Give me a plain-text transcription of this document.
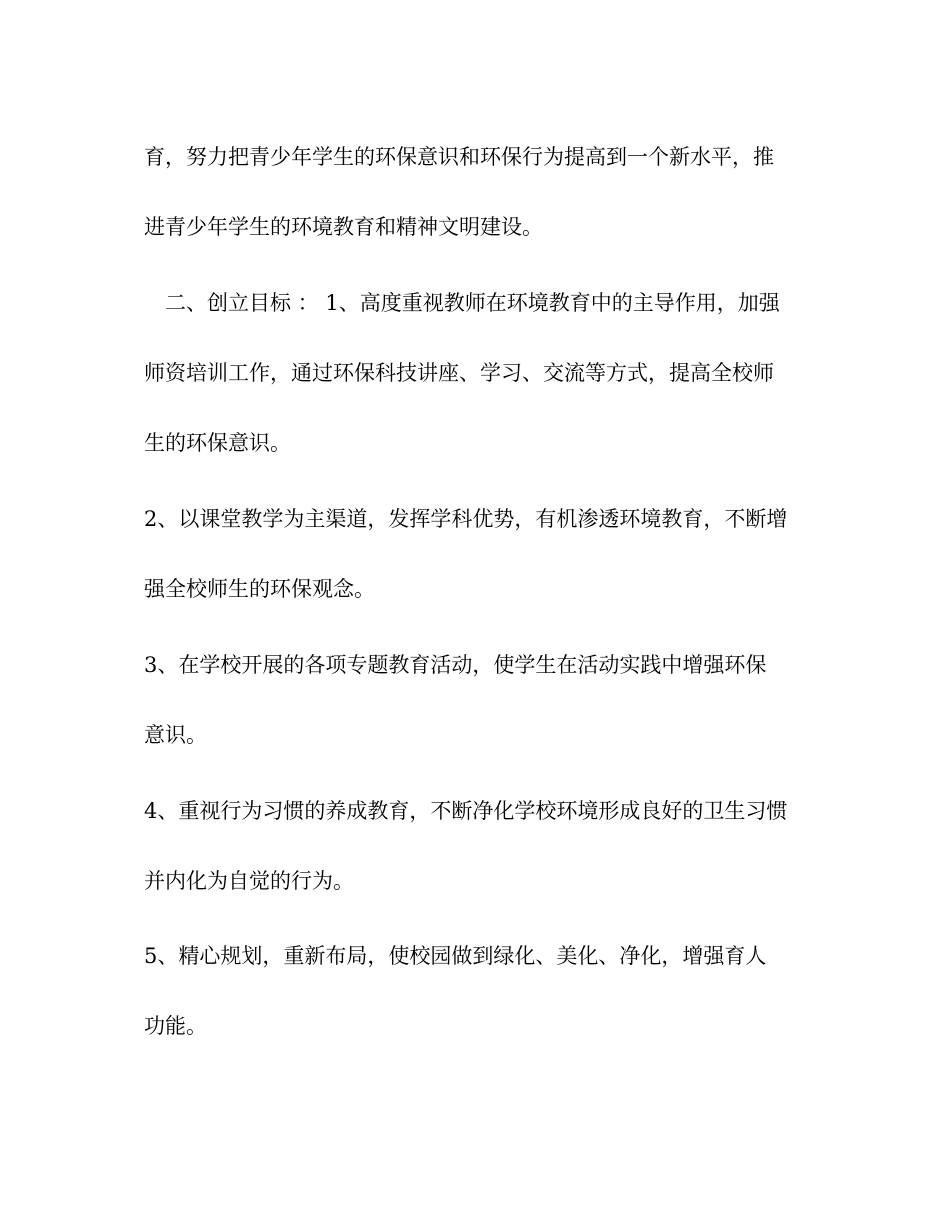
育，努力把青少年学生的环保意识和环保行为提高到一个新水平，推
进青少年学生的环境教育和精神文明建设。
　二、创立目标 ： 1、高度重视教师在环境教育中的主导作用，加强
师资培训工作，通过环保科技讲座、学习、交流等方式，提高全校师
生的环保意识。
2、以课堂教学为主渠道，发挥学科优势，有机渗透环境教育，不断增
强全校师生的环保观念。
3、在学校开展的各项专题教育活动，使学生在活动实践中增强环保
意识。
4、重视行为习惯的养成教育，不断净化学校环境形成良好的卫生习惯
并内化为自觉的行为。
5、精心规划，重新布局，使校园做到绿化、美化、净化，增强育人
功能。
